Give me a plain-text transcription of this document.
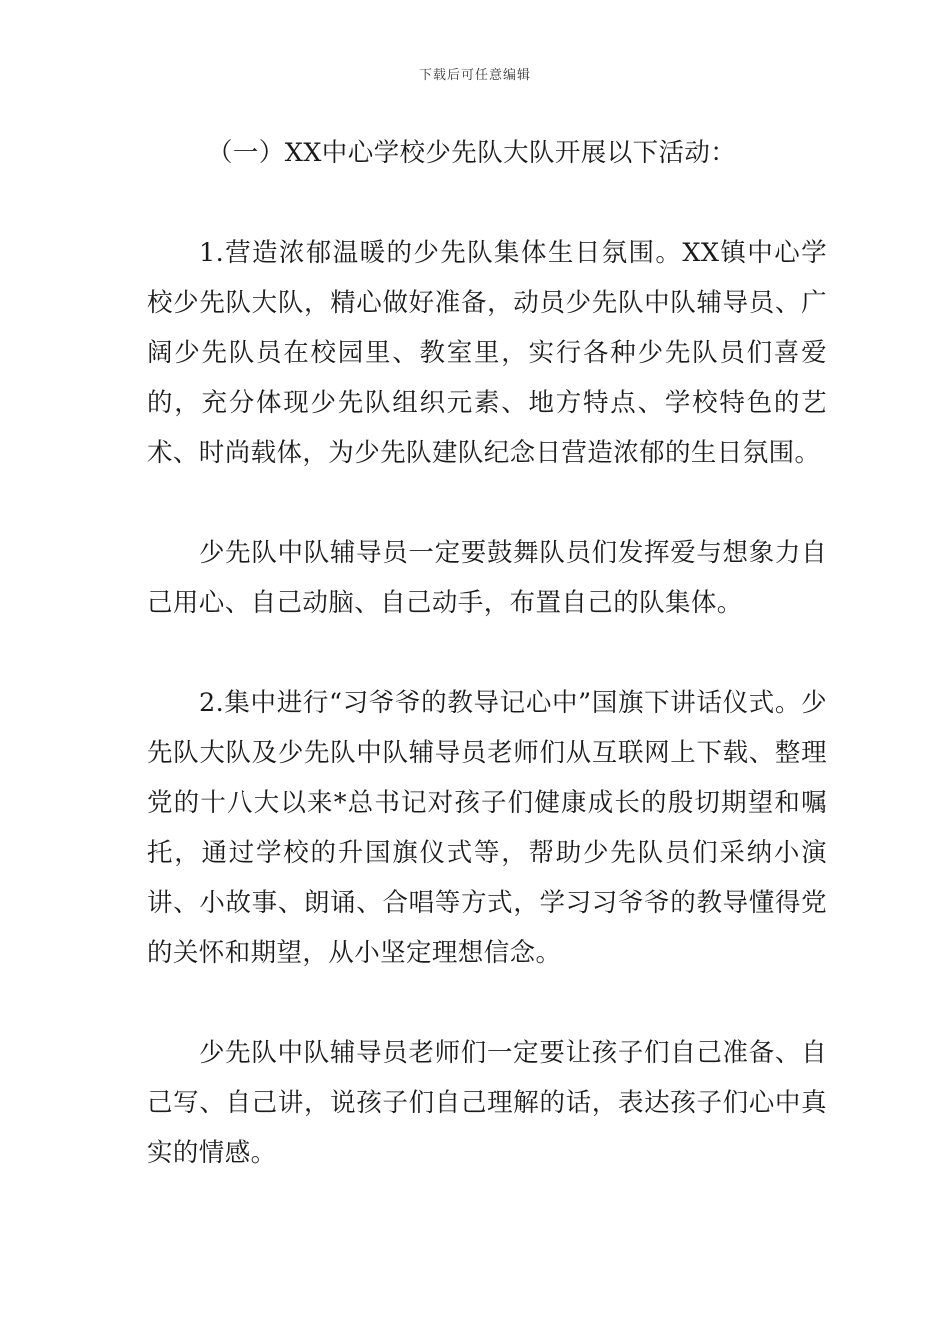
下载后可任意编辑

（一）XX中心学校少先队大队开展以下活动：

1.营造浓郁温暖的少先队集体生日氛围。XX镇中心学校少先队大队，精心做好准备，动员少先队中队辅导员、广阔少先队员在校园里、教室里，实行各种少先队员们喜爱的，充分体现少先队组织元素、地方特点、学校特色的艺术、时尚载体，为少先队建队纪念日营造浓郁的生日氛围。

少先队中队辅导员一定要鼓舞队员们发挥爱与想象力自己用心、自己动脑、自己动手，布置自己的队集体。

2.集中进行“习爷爷的教导记心中”国旗下讲话仪式。少先队大队及少先队中队辅导员老师们从互联网上下载、整理党的十八大以来*总书记对孩子们健康成长的殷切期望和嘱托，通过学校的升国旗仪式等，帮助少先队员们采纳小演讲、小故事、朗诵、合唱等方式，学习习爷爷的教导懂得党的关怀和期望，从小坚定理想信念。

少先队中队辅导员老师们一定要让孩子们自己准备、自己写、自己讲，说孩子们自己理解的话，表达孩子们心中真实的情感。
